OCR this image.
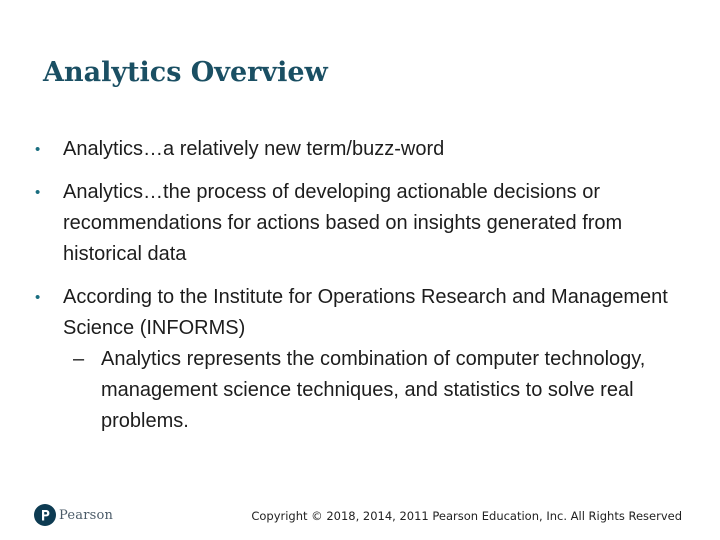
Analytics Overview
• Analytics…a relatively new term/buzz-word
• Analytics…the process of developing actionable decisions or recommendations for actions based on insights generated from historical data
• According to the Institute for Operations Research and Management Science (INFORMS)
– Analytics represents the combination of computer technology, management science techniques, and statistics to solve real problems.
Pearson	Copyright © 2018, 2014, 2011 Pearson Education, Inc. All Rights Reserved
